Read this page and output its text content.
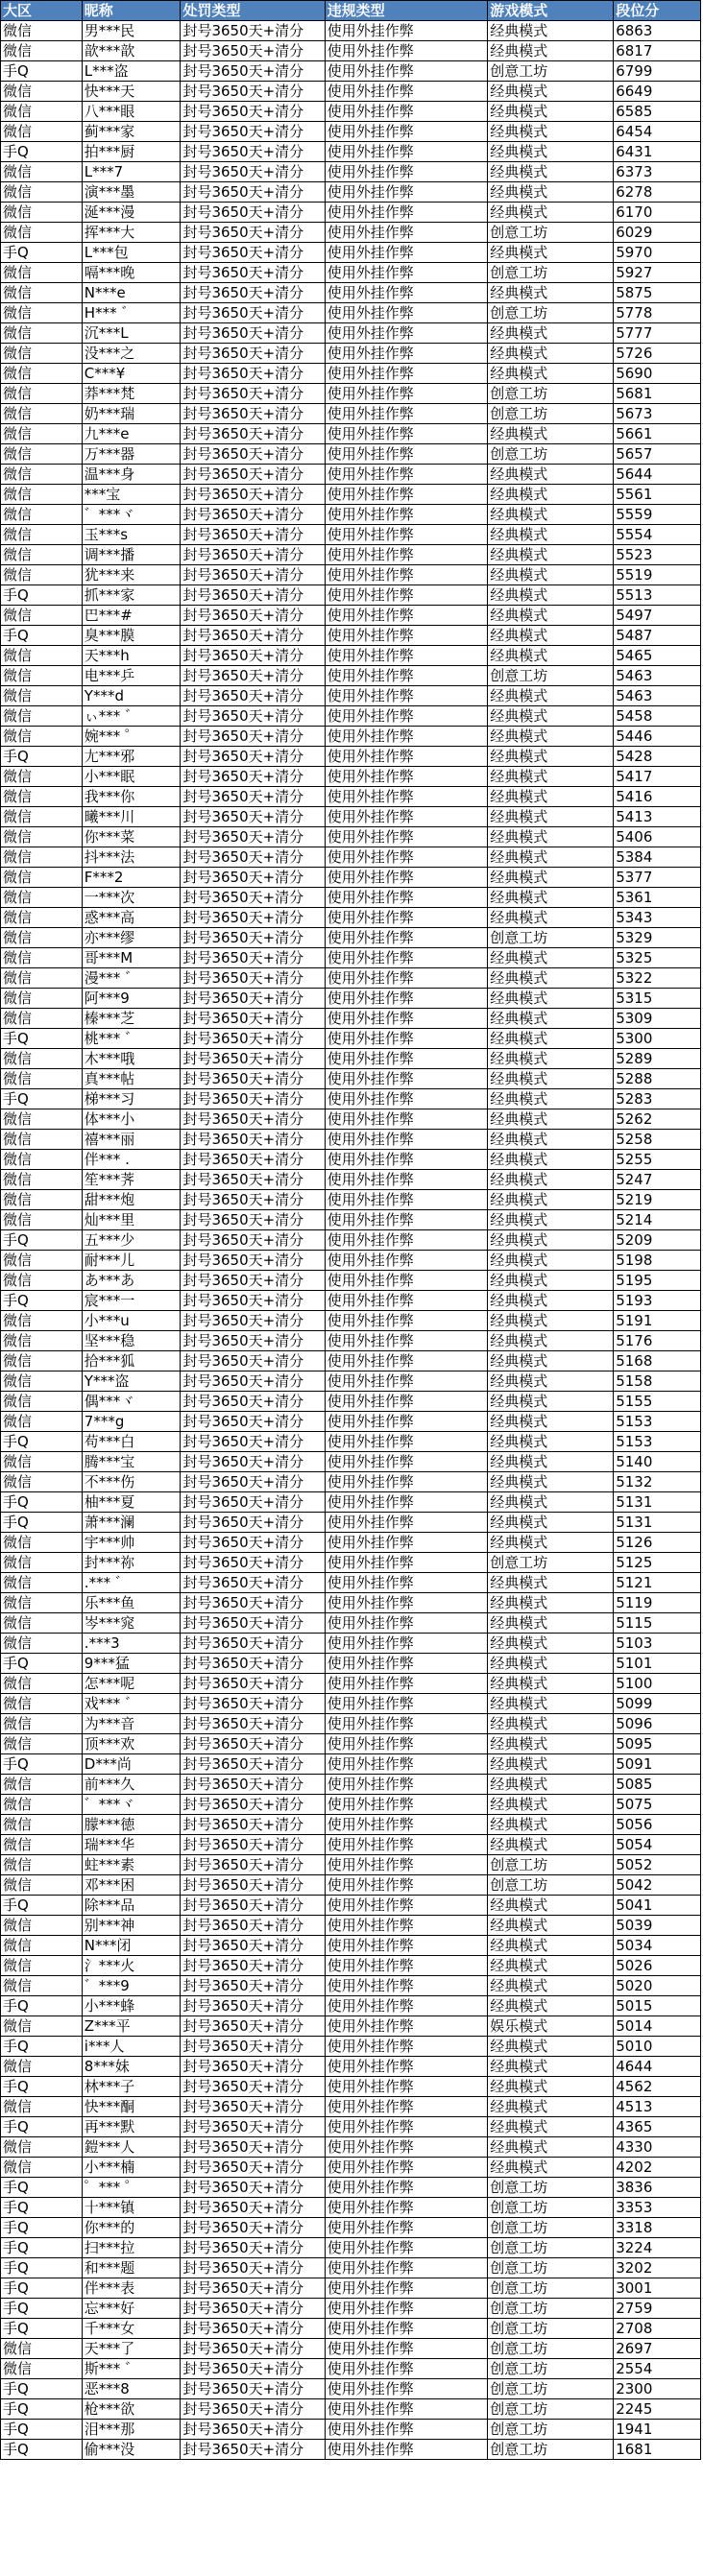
大区	昵称	处罚类型	违规类型	游戏模式	段位分
微信	男***民	封号3650天+清分	使用外挂作弊	经典模式	6863
微信	歆***歆	封号3650天+清分	使用外挂作弊	经典模式	6817
手Q	L***盗	封号3650天+清分	使用外挂作弊	创意工坊	6799
微信	快***天	封号3650天+清分	使用外挂作弊	经典模式	6649
微信	八***眼	封号3650天+清分	使用外挂作弊	经典模式	6585
微信	蓟***家	封号3650天+清分	使用外挂作弊	经典模式	6454
手Q	拍***厨	封号3650天+清分	使用外挂作弊	经典模式	6431
微信	L***7	封号3650天+清分	使用外挂作弊	经典模式	6373
微信	演***墨	封号3650天+清分	使用外挂作弊	经典模式	6278
微信	涎***漫	封号3650天+清分	使用外挂作弊	经典模式	6170
微信	挥***大	封号3650天+清分	使用外挂作弊	创意工坊	6029
手Q	L***包	封号3650天+清分	使用外挂作弊	经典模式	5970
微信	嗝***晚	封号3650天+清分	使用外挂作弊	创意工坊	5927
微信	N***e	封号3650天+清分	使用外挂作弊	经典模式	5875
微信	H*** ゛	封号3650天+清分	使用外挂作弊	创意工坊	5778
微信	沉***L	封号3650天+清分	使用外挂作弊	经典模式	5777
微信	没***之	封号3650天+清分	使用外挂作弊	经典模式	5726
微信	C***¥	封号3650天+清分	使用外挂作弊	经典模式	5690
微信	莽***梵	封号3650天+清分	使用外挂作弊	创意工坊	5681
微信	奶***瑞	封号3650天+清分	使用外挂作弊	创意工坊	5673
微信	九***e	封号3650天+清分	使用外挂作弊	经典模式	5661
微信	万***器	封号3650天+清分	使用外挂作弊	创意工坊	5657
微信	温***身	封号3650天+清分	使用外挂作弊	经典模式	5644
微信	***宝	封号3650天+清分	使用外挂作弊	经典模式	5561
微信	゛***ヾ	封号3650天+清分	使用外挂作弊	经典模式	5559
微信	玉***s	封号3650天+清分	使用外挂作弊	经典模式	5554
微信	调***播	封号3650天+清分	使用外挂作弊	经典模式	5523
微信	犹***来	封号3650天+清分	使用外挂作弊	经典模式	5519
手Q	抓***家	封号3650天+清分	使用外挂作弊	经典模式	5513
微信	巴***#	封号3650天+清分	使用外挂作弊	经典模式	5497
手Q	臭***膜	封号3650天+清分	使用外挂作弊	经典模式	5487
微信	天***h	封号3650天+清分	使用外挂作弊	经典模式	5465
微信	电***乒	封号3650天+清分	使用外挂作弊	创意工坊	5463
微信	Y***d	封号3650天+清分	使用外挂作弊	经典模式	5463
微信	ぃ*** ゛	封号3650天+清分	使用外挂作弊	经典模式	5458
微信	婉*** ゜	封号3650天+清分	使用外挂作弊	经典模式	5446
手Q	尢***邪	封号3650天+清分	使用外挂作弊	经典模式	5428
微信	小***眠	封号3650天+清分	使用外挂作弊	经典模式	5417
微信	我***你	封号3650天+清分	使用外挂作弊	经典模式	5416
微信	曦***川	封号3650天+清分	使用外挂作弊	经典模式	5413
微信	你***菜	封号3650天+清分	使用外挂作弊	经典模式	5406
微信	抖***法	封号3650天+清分	使用外挂作弊	经典模式	5384
微信	F***2	封号3650天+清分	使用外挂作弊	经典模式	5377
微信	一***次	封号3650天+清分	使用外挂作弊	经典模式	5361
微信	惑***高	封号3650天+清分	使用外挂作弊	经典模式	5343
微信	亦***缪	封号3650天+清分	使用外挂作弊	创意工坊	5329
微信	哥***M	封号3650天+清分	使用外挂作弊	经典模式	5325
微信	漫*** ゛	封号3650天+清分	使用外挂作弊	经典模式	5322
微信	阿***9	封号3650天+清分	使用外挂作弊	经典模式	5315
微信	榛***芝	封号3650天+清分	使用外挂作弊	经典模式	5309
手Q	桃*** ゛	封号3650天+清分	使用外挂作弊	经典模式	5300
微信	木***哦	封号3650天+清分	使用外挂作弊	经典模式	5289
微信	真***帖	封号3650天+清分	使用外挂作弊	经典模式	5288
手Q	梯***习	封号3650天+清分	使用外挂作弊	经典模式	5283
微信	体***小	封号3650天+清分	使用外挂作弊	经典模式	5262
微信	禧***丽	封号3650天+清分	使用外挂作弊	经典模式	5258
微信	伴*** .	封号3650天+清分	使用外挂作弊	经典模式	5255
微信	笙***荠	封号3650天+清分	使用外挂作弊	经典模式	5247
微信	甜***炮	封号3650天+清分	使用外挂作弊	经典模式	5219
微信	灿***里	封号3650天+清分	使用外挂作弊	经典模式	5214
手Q	五***少	封号3650天+清分	使用外挂作弊	经典模式	5209
微信	耐***儿	封号3650天+清分	使用外挂作弊	经典模式	5198
微信	あ***あ	封号3650天+清分	使用外挂作弊	经典模式	5195
手Q	宸***一	封号3650天+清分	使用外挂作弊	经典模式	5193
微信	小***u	封号3650天+清分	使用外挂作弊	经典模式	5191
微信	坚***稳	封号3650天+清分	使用外挂作弊	经典模式	5176
微信	拾***狐	封号3650天+清分	使用外挂作弊	经典模式	5168
微信	Y***盗	封号3650天+清分	使用外挂作弊	经典模式	5158
微信	偶***ヾ	封号3650天+清分	使用外挂作弊	经典模式	5155
微信	7***g	封号3650天+清分	使用外挂作弊	经典模式	5153
手Q	苟***白	封号3650天+清分	使用外挂作弊	经典模式	5153
微信	腾***宝	封号3650天+清分	使用外挂作弊	经典模式	5140
微信	不***伤	封号3650天+清分	使用外挂作弊	经典模式	5132
手Q	柚***夏	封号3650天+清分	使用外挂作弊	经典模式	5131
手Q	萧***澜	封号3650天+清分	使用外挂作弊	经典模式	5131
微信	宇***帅	封号3650天+清分	使用外挂作弊	经典模式	5126
微信	封***祢	封号3650天+清分	使用外挂作弊	创意工坊	5125
微信	.*** ゛	封号3650天+清分	使用外挂作弊	经典模式	5121
微信	乐***鱼	封号3650天+清分	使用外挂作弊	经典模式	5119
微信	岑***窕	封号3650天+清分	使用外挂作弊	经典模式	5115
微信	.***3	封号3650天+清分	使用外挂作弊	经典模式	5103
手Q	9***猛	封号3650天+清分	使用外挂作弊	经典模式	5101
微信	怎***呢	封号3650天+清分	使用外挂作弊	经典模式	5100
微信	戏*** ゛	封号3650天+清分	使用外挂作弊	经典模式	5099
微信	为***音	封号3650天+清分	使用外挂作弊	经典模式	5096
微信	顶***欢	封号3650天+清分	使用外挂作弊	经典模式	5095
手Q	D***尚	封号3650天+清分	使用外挂作弊	经典模式	5091
微信	前***久	封号3650天+清分	使用外挂作弊	经典模式	5085
微信	゛***ヾ	封号3650天+清分	使用外挂作弊	经典模式	5075
微信	朦***徳	封号3650天+清分	使用外挂作弊	经典模式	5056
微信	瑞***华	封号3650天+清分	使用外挂作弊	经典模式	5054
微信	蛀***素	封号3650天+清分	使用外挂作弊	创意工坊	5052
微信	邓***困	封号3650天+清分	使用外挂作弊	创意工坊	5042
手Q	除***品	封号3650天+清分	使用外挂作弊	经典模式	5041
微信	别***神	封号3650天+清分	使用外挂作弊	经典模式	5039
微信	N***闭	封号3650天+清分	使用外挂作弊	经典模式	5034
微信	氵***火	封号3650天+清分	使用外挂作弊	经典模式	5026
微信	゛***9	封号3650天+清分	使用外挂作弊	经典模式	5020
手Q	小***蜂	封号3650天+清分	使用外挂作弊	经典模式	5015
微信	Z***平	封号3650天+清分	使用外挂作弊	娱乐模式	5014
手Q	i***人	封号3650天+清分	使用外挂作弊	经典模式	5010
微信	8***妹	封号3650天+清分	使用外挂作弊	经典模式	4644
手Q	林***子	封号3650天+清分	使用外挂作弊	经典模式	4562
微信	快***酮	封号3650天+清分	使用外挂作弊	经典模式	4513
手Q	再***默	封号3650天+清分	使用外挂作弊	经典模式	4365
微信	鎧***人	封号3650天+清分	使用外挂作弊	经典模式	4330
微信	小***楠	封号3650天+清分	使用外挂作弊	经典模式	4202
手Q	゜*** ゜	封号3650天+清分	使用外挂作弊	创意工坊	3836
手Q	十***镇	封号3650天+清分	使用外挂作弊	创意工坊	3353
手Q	你***的	封号3650天+清分	使用外挂作弊	创意工坊	3318
手Q	扫***拉	封号3650天+清分	使用外挂作弊	创意工坊	3224
手Q	和***题	封号3650天+清分	使用外挂作弊	创意工坊	3202
手Q	伴***表	封号3650天+清分	使用外挂作弊	创意工坊	3001
手Q	忘***好	封号3650天+清分	使用外挂作弊	创意工坊	2759
手Q	千***女	封号3650天+清分	使用外挂作弊	创意工坊	2708
微信	天***了	封号3650天+清分	使用外挂作弊	创意工坊	2697
微信	斯*** ゛	封号3650天+清分	使用外挂作弊	创意工坊	2554
手Q	恶***8	封号3650天+清分	使用外挂作弊	创意工坊	2300
手Q	枪***欲	封号3650天+清分	使用外挂作弊	创意工坊	2245
手Q	泪***那	封号3650天+清分	使用外挂作弊	创意工坊	1941
手Q	偷***没	封号3650天+清分	使用外挂作弊	创意工坊	1681
